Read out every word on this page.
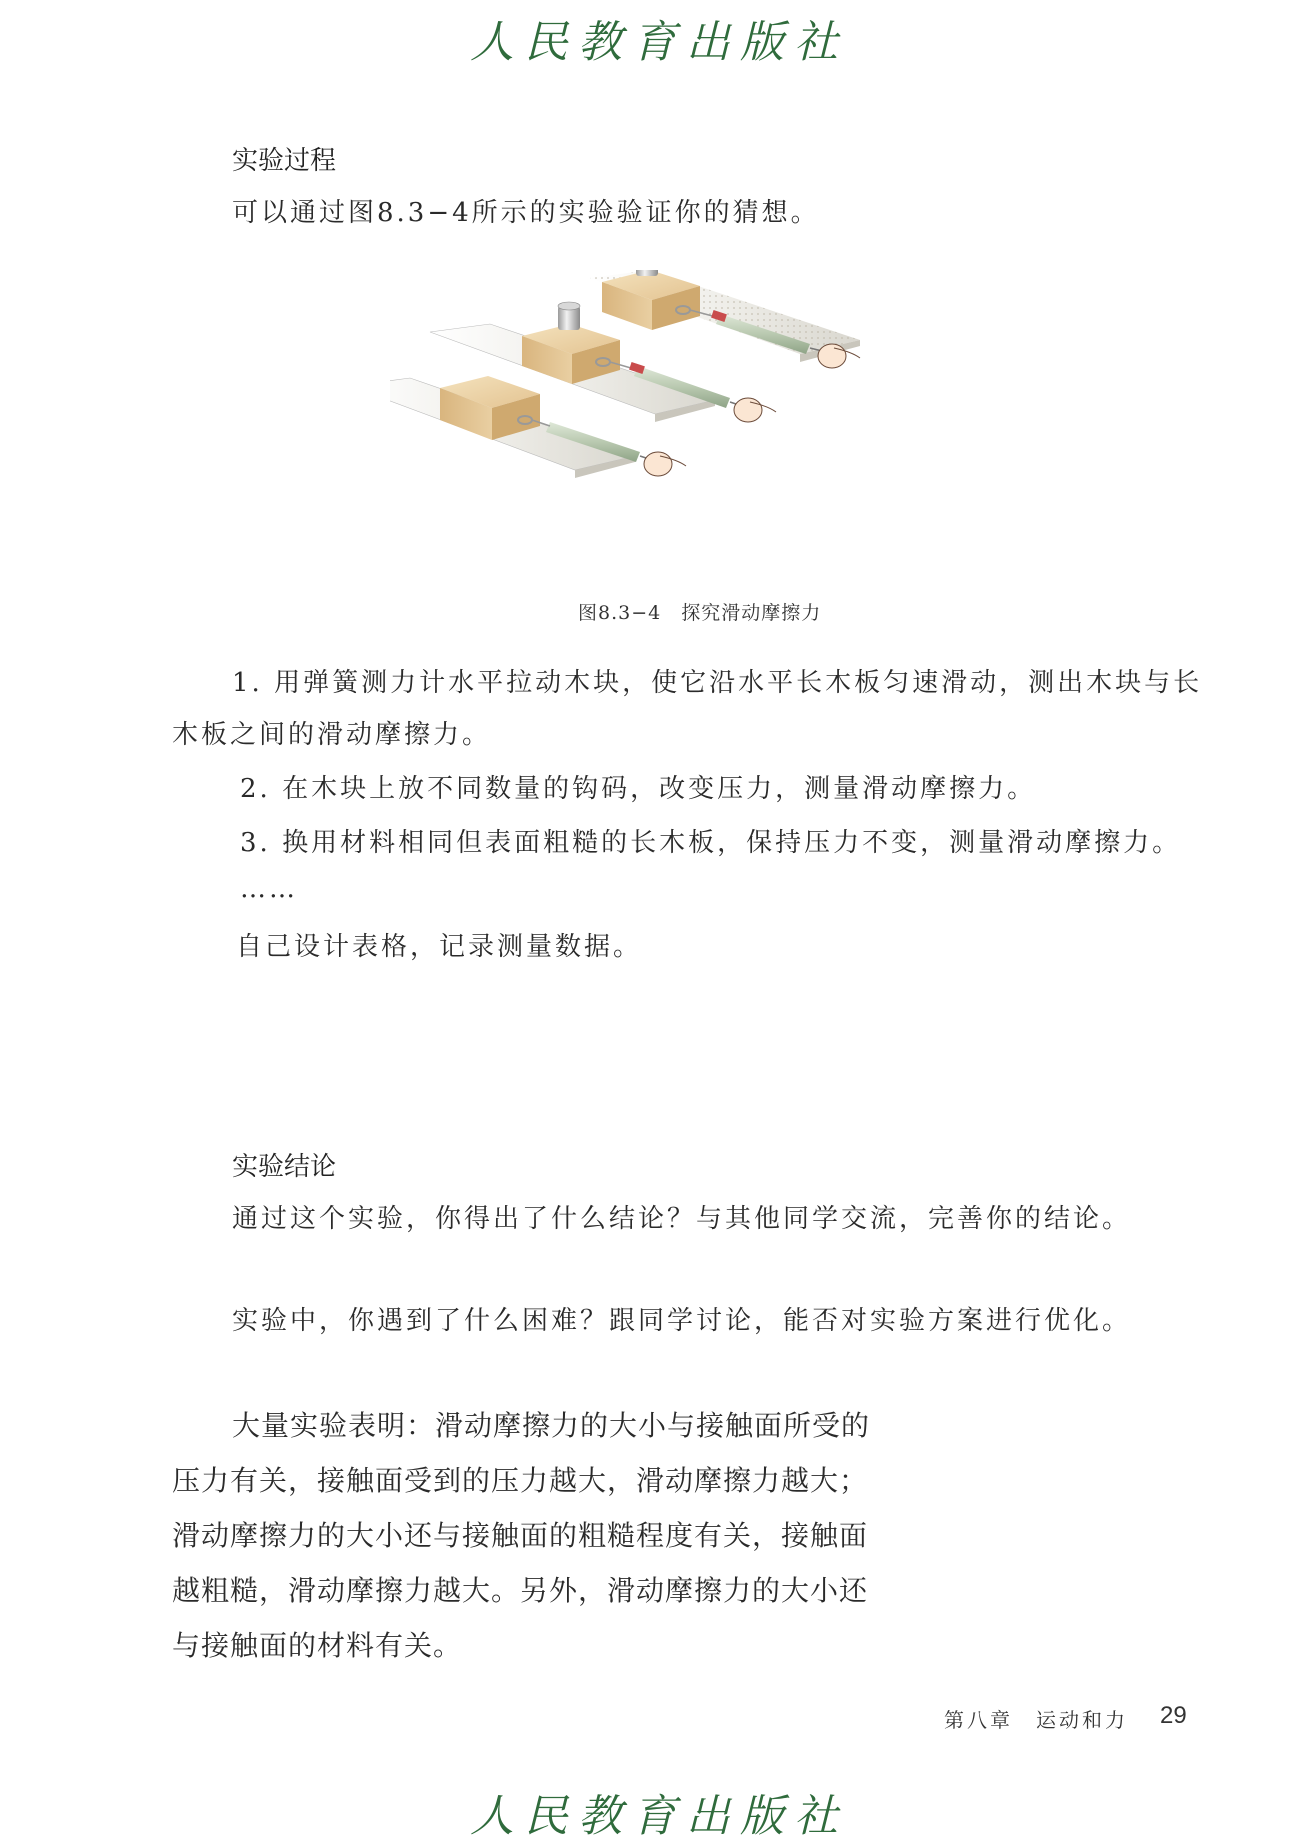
人民教育出版社
实验过程
可以通过图8.3−4所示的实验验证你的猜想。
图8.3−4　探究滑动摩擦力
1. 用弹簧测力计水平拉动木块，使它沿水平长木板匀速滑动，测出木块与长
木板之间的滑动摩擦力。
2. 在木块上放不同数量的钩码，改变压力，测量滑动摩擦力。
3. 换用材料相同但表面粗糙的长木板，保持压力不变，测量滑动摩擦力。
……
自己设计表格，记录测量数据。
实验结论
通过这个实验，你得出了什么结论？与其他同学交流，完善你的结论。
实验中，你遇到了什么困难？跟同学讨论，能否对实验方案进行优化。
大量实验表明：滑动摩擦力的大小与接触面所受的
压力有关，接触面受到的压力越大，滑动摩擦力越大；
滑动摩擦力的大小还与接触面的粗糙程度有关，接触面
越粗糙，滑动摩擦力越大。另外，滑动摩擦力的大小还
与接触面的材料有关。
第八章　运动和力 29
人民教育出版社
